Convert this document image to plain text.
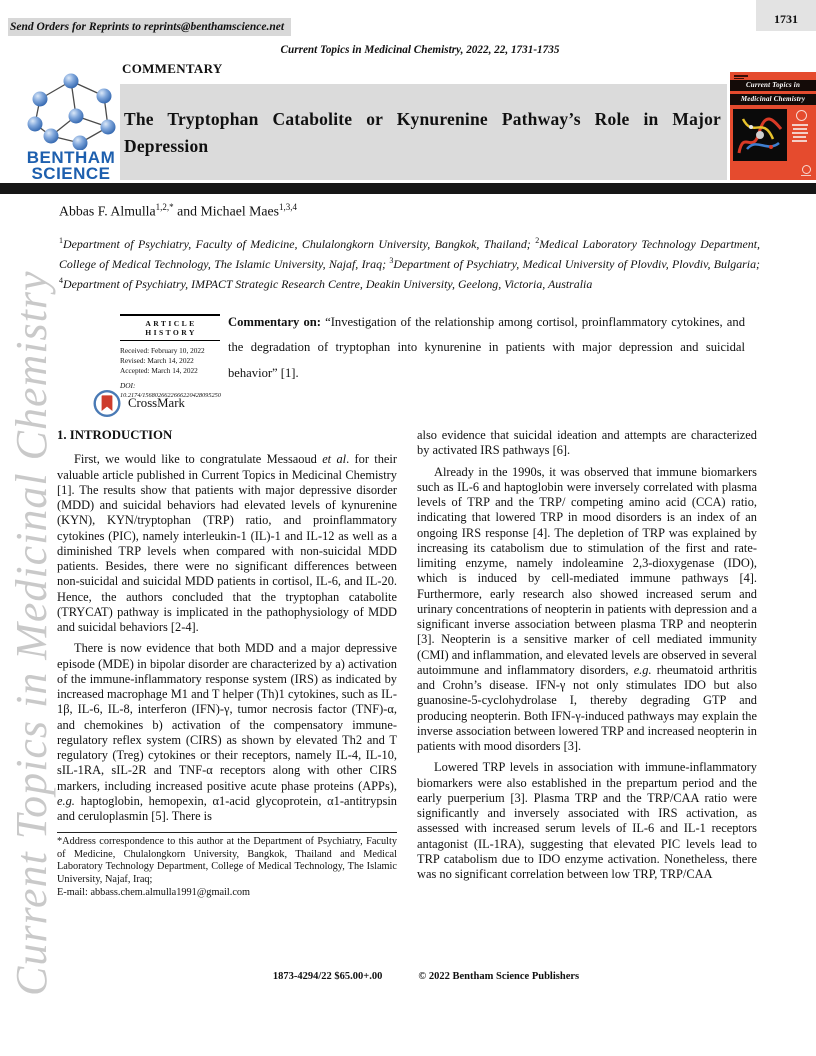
Current Topics in Medicinal Chemistry
Send Orders for Reprints to reprints@benthamscience.net
1731
Current Topics in Medicinal Chemistry, 2022, 22, 1731-1735
BENTHAM
SCIENCE
COMMENTARY
The Tryptophan Catabolite or Kynurenine Pathway’s Role in Major Depression
Current Topics in
Medicinal Chemistry
Abbas F. Almulla$^{1,2,*}$ and Michael Maes$^{1,3,4}$
$^1$Department of Psychiatry, Faculty of Medicine, Chulalongkorn University, Bangkok, Thailand; $^2$Medical Laboratory Technology Department, College of Medical Technology, The Islamic University, Najaf, Iraq; $^3$Department of Psychiatry, Medical University of Plovdiv, Plovdiv, Bulgaria; $^4$Department of Psychiatry, IMPACT Strategic Research Centre, Deakin University, Geelong, Victoria, Australia
ARTICLE HISTORY
Received: February 10, 2022
Revised: March 14, 2022
Accepted: March 14, 2022
DOI:
10.2174/1568026622666220428095250
CrossMark
Commentary on: “Investigation of the relationship among cortisol, proinflammatory cytokines, and the degradation of tryptophan into kynurenine in patients with major depression and suicidal behavior” [1].
1. INTRODUCTION

First, we would like to congratulate Messaoud et al. for their valuable article published in Current Topics in Medicinal Chemistry [1]. The results show that patients with major depressive disorder (MDD) and suicidal behaviors had elevated levels of kynurenine (KYN), KYN/tryptophan (TRP) ratio, and proinflammatory cytokines (PIC), namely interleukin-1 (IL)-1 and IL-12 as well as a diminished TRP levels when compared with non-suicidal MDD patients. Besides, there were no significant differences between non-suicidal and suicidal MDD patients in cortisol, IL-6, and IL-20. Hence, the authors concluded that the tryptophan catabolite (TRYCAT) pathway is implicated in the pathophysiology of MDD and suicidal behaviors [2-4].

There is now evidence that both MDD and a major depressive episode (MDE) in bipolar disorder are characterized by a) activation of the immune-inflammatory response system (IRS) as indicated by increased macrophage M1 and T helper (Th)1 cytokines, such as IL-1β, IL-6, IL-8, interferon (IFN)-γ, tumor necrosis factor (TNF)-α, and chemokines b) activation of the compensatory immune-regulatory reflex system (CIRS) as shown by elevated Th2 and T regulatory (Treg) cytokines or their receptors, namely IL-4, IL-10, sIL-1RA, sIL-2R and TNF-α receptors along with other CIRS markers, including increased positive acute phase proteins (APPs), e.g. haptoglobin, hemopexin, α1-acid glycoprotein, α1-antitrypsin and ceruloplasmin [5]. There is

*Address correspondence to this author at the Department of Psychiatry, Faculty of Medicine, Chulalongkorn University, Bangkok, Thailand and Medical Laboratory Technology Department, College of Medical Technology, The Islamic University, Najaf, Iraq;
E-mail: abbass.chem.almulla1991@gmail.com

also evidence that suicidal ideation and attempts are characterized by activated IRS pathways [6].

Already in the 1990s, it was observed that immune biomarkers such as IL-6 and haptoglobin were inversely correlated with plasma levels of TRP and the TRP/ competing amino acid (CCA) ratio, indicating that lowered TRP in mood disorders is an index of an ongoing IRS response [4]. The depletion of TRP was explained by increasing its catabolism due to stimulation of the first and rate-limiting enzyme, namely indoleamine 2,3-dioxygenase (IDO), which is induced by cell-mediated immune pathways [4]. Furthermore, early research also showed increased serum and urinary concentrations of neopterin in patients with depression and a significant inverse association between plasma TRP and neopterin [3]. Neopterin is a sensitive marker of cell mediated immunity (CMI) and inflammation, and elevated levels are observed in several autoimmune and inflammatory disorders, e.g. rheumatoid arthritis and Crohn’s disease. IFN-γ not only stimulates IDO but also guanosine-5-cyclohydrolase I, thereby degrading GTP and producing neopterin. Both IFN-γ-induced pathways may explain the inverse association between lowered TRP and increased neopterin in patients with mood disorders [3].

Lowered TRP levels in association with immune-inflammatory biomarkers were also established in the prepartum period and the early puerperium [3]. Plasma TRP and the TRP/CAA ratio were significantly and inversely associated with IRS activation, as assessed with increased serum levels of IL-6 and IL-1 receptors antagonist (IL-1RA), suggesting that elevated PIC levels lead to TRP catabolism due to IDO enzyme activation. Nonetheless, there was no significant correlation between low TRP, TRP/CAA

1873-4294/22 $65.00+.00	© 2022 Bentham Science Publishers
